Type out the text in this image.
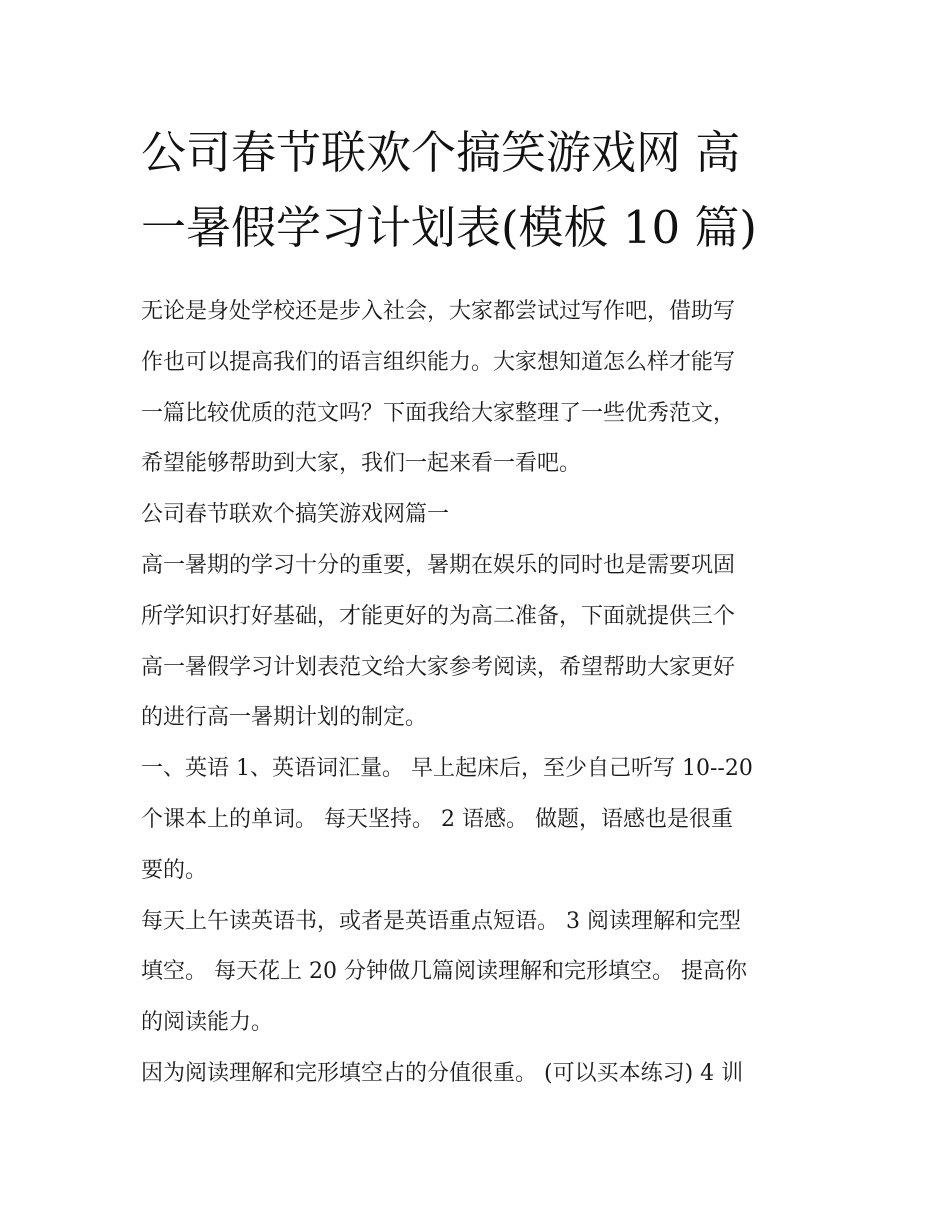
公司春节联欢个搞笑游戏网 高
一暑假学习计划表(模板 10 篇)

无论是身处学校还是步入社会，大家都尝试过写作吧，借助写
作也可以提高我们的语言组织能力。大家想知道怎么样才能写
一篇比较优质的范文吗？下面我给大家整理了一些优秀范文，
希望能够帮助到大家，我们一起来看一看吧。

公司春节联欢个搞笑游戏网篇一

高一暑期的学习十分的重要，暑期在娱乐的同时也是需要巩固
所学知识打好基础，才能更好的为高二准备，下面就提供三个
高一暑假学习计划表范文给大家参考阅读，希望帮助大家更好
的进行高一暑期计划的制定。

一、英语 1、英语词汇量。 早上起床后，至少自己听写 10--20
个课本上的单词。 每天坚持。 2 语感。 做题，语感也是很重
要的。

每天上午读英语书，或者是英语重点短语。 3 阅读理解和完型
填空。 每天花上 20 分钟做几篇阅读理解和完形填空。 提高你
的阅读能力。

因为阅读理解和完形填空占的分值很重。 (可以买本练习) 4 训
